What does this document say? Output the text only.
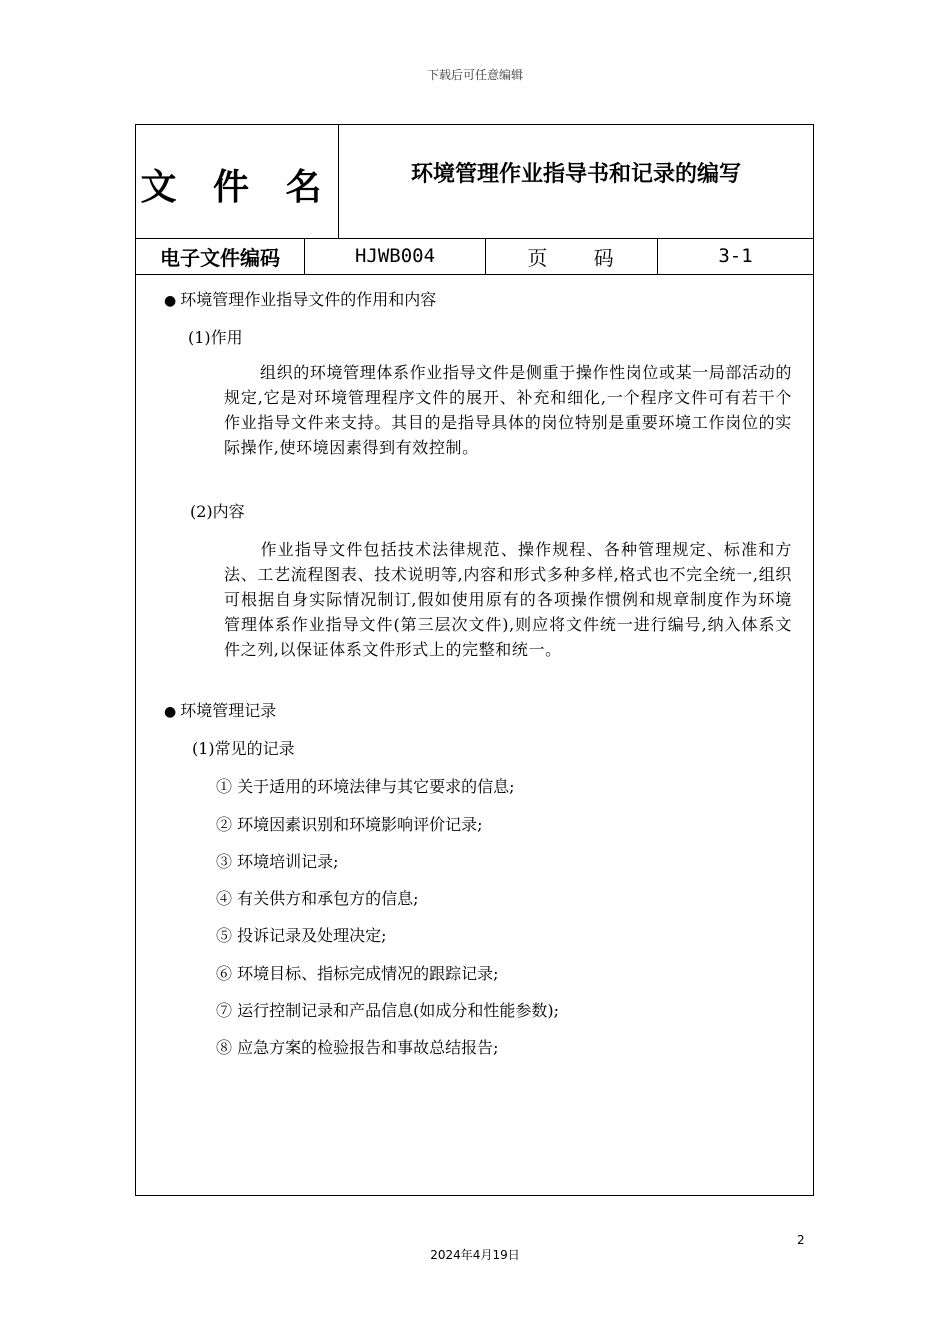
下载后可任意编辑
文 件 名	环境管理作业指导书和记录的编写
电子文件编码	HJWB004	页 码	3-1
● 环境管理作业指导文件的作用和内容
(1)作用
组织的环境管理体系作业指导文件是侧重于操作性岗位或某一局部活动的规定,它是对环境管理程序文件的展开、补充和细化,一个程序文件可有若干个作业指导文件来支持。其目的是指导具体的岗位特别是重要环境工作岗位的实际操作,使环境因素得到有效控制。
(2)内容
作业指导文件包括技术法律规范、操作规程、各种管理规定、标准和方法、工艺流程图表、技术说明等,内容和形式多种多样,格式也不完全统一,组织可根据自身实际情况制订,假如使用原有的各项操作惯例和规章制度作为环境管理体系作业指导文件(第三层次文件),则应将文件统一进行编号,纳入体系文件之列,以保证体系文件形式上的完整和统一。
● 环境管理记录
(1)常见的记录
① 关于适用的环境法律与其它要求的信息;
② 环境因素识别和环境影响评价记录;
③ 环境培训记录;
④ 有关供方和承包方的信息;
⑤ 投诉记录及处理决定;
⑥ 环境目标、指标完成情况的跟踪记录;
⑦ 运行控制记录和产品信息(如成分和性能参数);
⑧ 应急方案的检验报告和事故总结报告;
2
2024年4月19日
